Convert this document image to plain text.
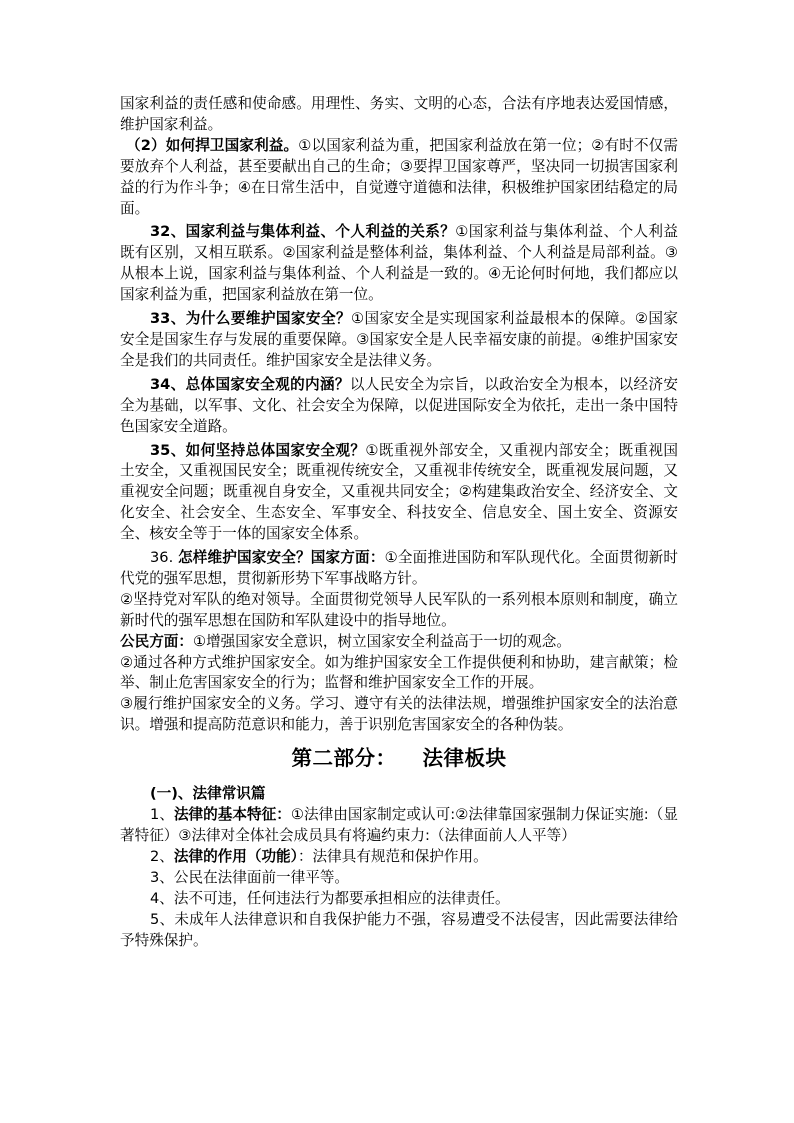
国家利益的责任感和使命感。用理性、务实、文明的心态，合法有序地表达爱国情感，维护国家利益。

（2）如何捍卫国家利益。①以国家利益为重，把国家利益放在第一位；②有时不仅需要放弃个人利益，甚至要献出自己的生命；③要捍卫国家尊严，坚决同一切损害国家利益的行为作斗争；④在日常生活中，自觉遵守道德和法律，积极维护国家团结稳定的局面。

32、国家利益与集体利益、个人利益的关系？①国家利益与集体利益、个人利益既有区别，又相互联系。②国家利益是整体利益，集体利益、个人利益是局部利益。③从根本上说，国家利益与集体利益、个人利益是一致的。④无论何时何地，我们都应以国家利益为重，把国家利益放在第一位。

33、为什么要维护国家安全？①国家安全是实现国家利益最根本的保障。②国家安全是国家生存与发展的重要保障。③国家安全是人民幸福安康的前提。④维护国家安全是我们的共同责任。维护国家安全是法律义务。

34、总体国家安全观的内涵？以人民安全为宗旨，以政治安全为根本，以经济安全为基础，以军事、文化、社会安全为保障，以促进国际安全为依托，走出一条中国特色国家安全道路。

35、如何坚持总体国家安全观？①既重视外部安全，又重视内部安全；既重视国土安全，又重视国民安全；既重视传统安全，又重视非传统安全，既重视发展问题，又重视安全问题；既重视自身安全，又重视共同安全；②构建集政治安全、经济安全、文化安全、社会安全、生态安全、军事安全、科技安全、信息安全、国土安全、资源安全、核安全等于一体的国家安全体系。

36. 怎样维护国家安全？国家方面：①全面推进国防和军队现代化。全面贯彻新时代党的强军思想，贯彻新形势下军事战略方针。

②坚持党对军队的绝对领导。全面贯彻党领导人民军队的一系列根本原则和制度，确立新时代的强军思想在国防和军队建设中的指导地位。

公民方面：①增强国家安全意识，树立国家安全利益高于一切的观念。

②通过各种方式维护国家安全。如为维护国家安全工作提供便利和协助，建言献策；检举、制止危害国家安全的行为；监督和维护国家安全工作的开展。

③履行维护国家安全的义务。学习、遵守有关的法律法规，增强维护国家安全的法治意识。增强和提高防范意识和能力，善于识别危害国家安全的各种伪装。

第二部分： 法律板块

(一)、法律常识篇

1、法律的基本特征：①法律由国家制定或认可:②法律靠国家强制力保证实施:（显著特征）③法律对全体社会成员具有将遍约束力:（法律面前人人平等）

2、法律的作用（功能）：法律具有规范和保护作用。

3、公民在法律面前一律平等。

4、法不可违，任何违法行为都要承担相应的法律责任。

5、未成年人法律意识和自我保护能力不强，容易遭受不法侵害，因此需要法律给予特殊保护。
